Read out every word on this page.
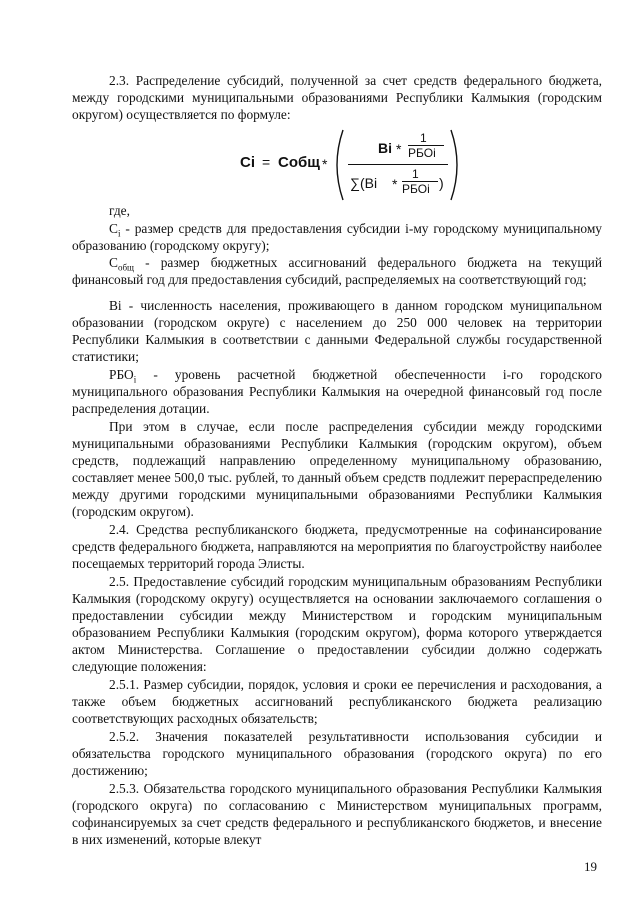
2.3. Распределение субсидий, полученной за счет средств федерального бюджета, между городскими муниципальными образованиями Республики Калмыкия (городским округом) осуществляется по формуле:

Ci = Собщ *
Bi *
1
РБОi
∑(Bi *
1
РБОi )

где,

$C_i$ - размер средств для предоставления субсидии i-му городскому муниципальному образованию (городскому округу);

$С_{общ}$ - размер бюджетных ассигнований федерального бюджета на текущий финансовый год для предоставления субсидий, распределяемых на соответствующий год;

Bi - численность населения, проживающего в данном городском муниципальном образовании (городском округе) с населением до 250 000 человек на территории Республики Калмыкия в соответствии с данными Федеральной службы государственной статистики;

$РБО_i$ - уровень расчетной бюджетной обеспеченности i-го городского муниципального образования Республики Калмыкия на очередной финансовый год после распределения дотации.

При этом в случае, если после распределения субсидии между городскими муниципальными образованиями Республики Калмыкия (городским округом), объем средств, подлежащий направлению определенному муниципальному образованию, составляет менее 500,0 тыс. рублей, то данный объем средств подлежит перераспределению между другими городскими муниципальными образованиями Республики Калмыкия (городским округом).

2.4. Средства республиканского бюджета, предусмотренные на софинансирование средств федерального бюджета, направляются на мероприятия по благоустройству наиболее посещаемых территорий города Элисты.

2.5. Предоставление субсидий городским муниципальным образованиям Республики Калмыкия (городскому округу) осуществляется на основании заключаемого соглашения о предоставлении субсидии между Министерством и городским муниципальным образованием Республики Калмыкия (городским округом), форма которого утверждается актом Министерства. Соглашение о предоставлении субсидии должно содержать следующие положения:

2.5.1. Размер субсидии, порядок, условия и сроки ее перечисления и расходования, а также объем бюджетных ассигнований республиканского бюджета реализацию соответствующих расходных обязательств;

2.5.2. Значения показателей результативности использования субсидии и обязательства городского муниципального образования (городского округа) по его достижению;

2.5.3. Обязательства городского муниципального образования Республики Калмыкия (городского округа) по согласованию с Министерством муниципальных программ, софинансируемых за счет средств федерального и республиканского бюджетов, и внесение в них изменений, которые влекут

19
